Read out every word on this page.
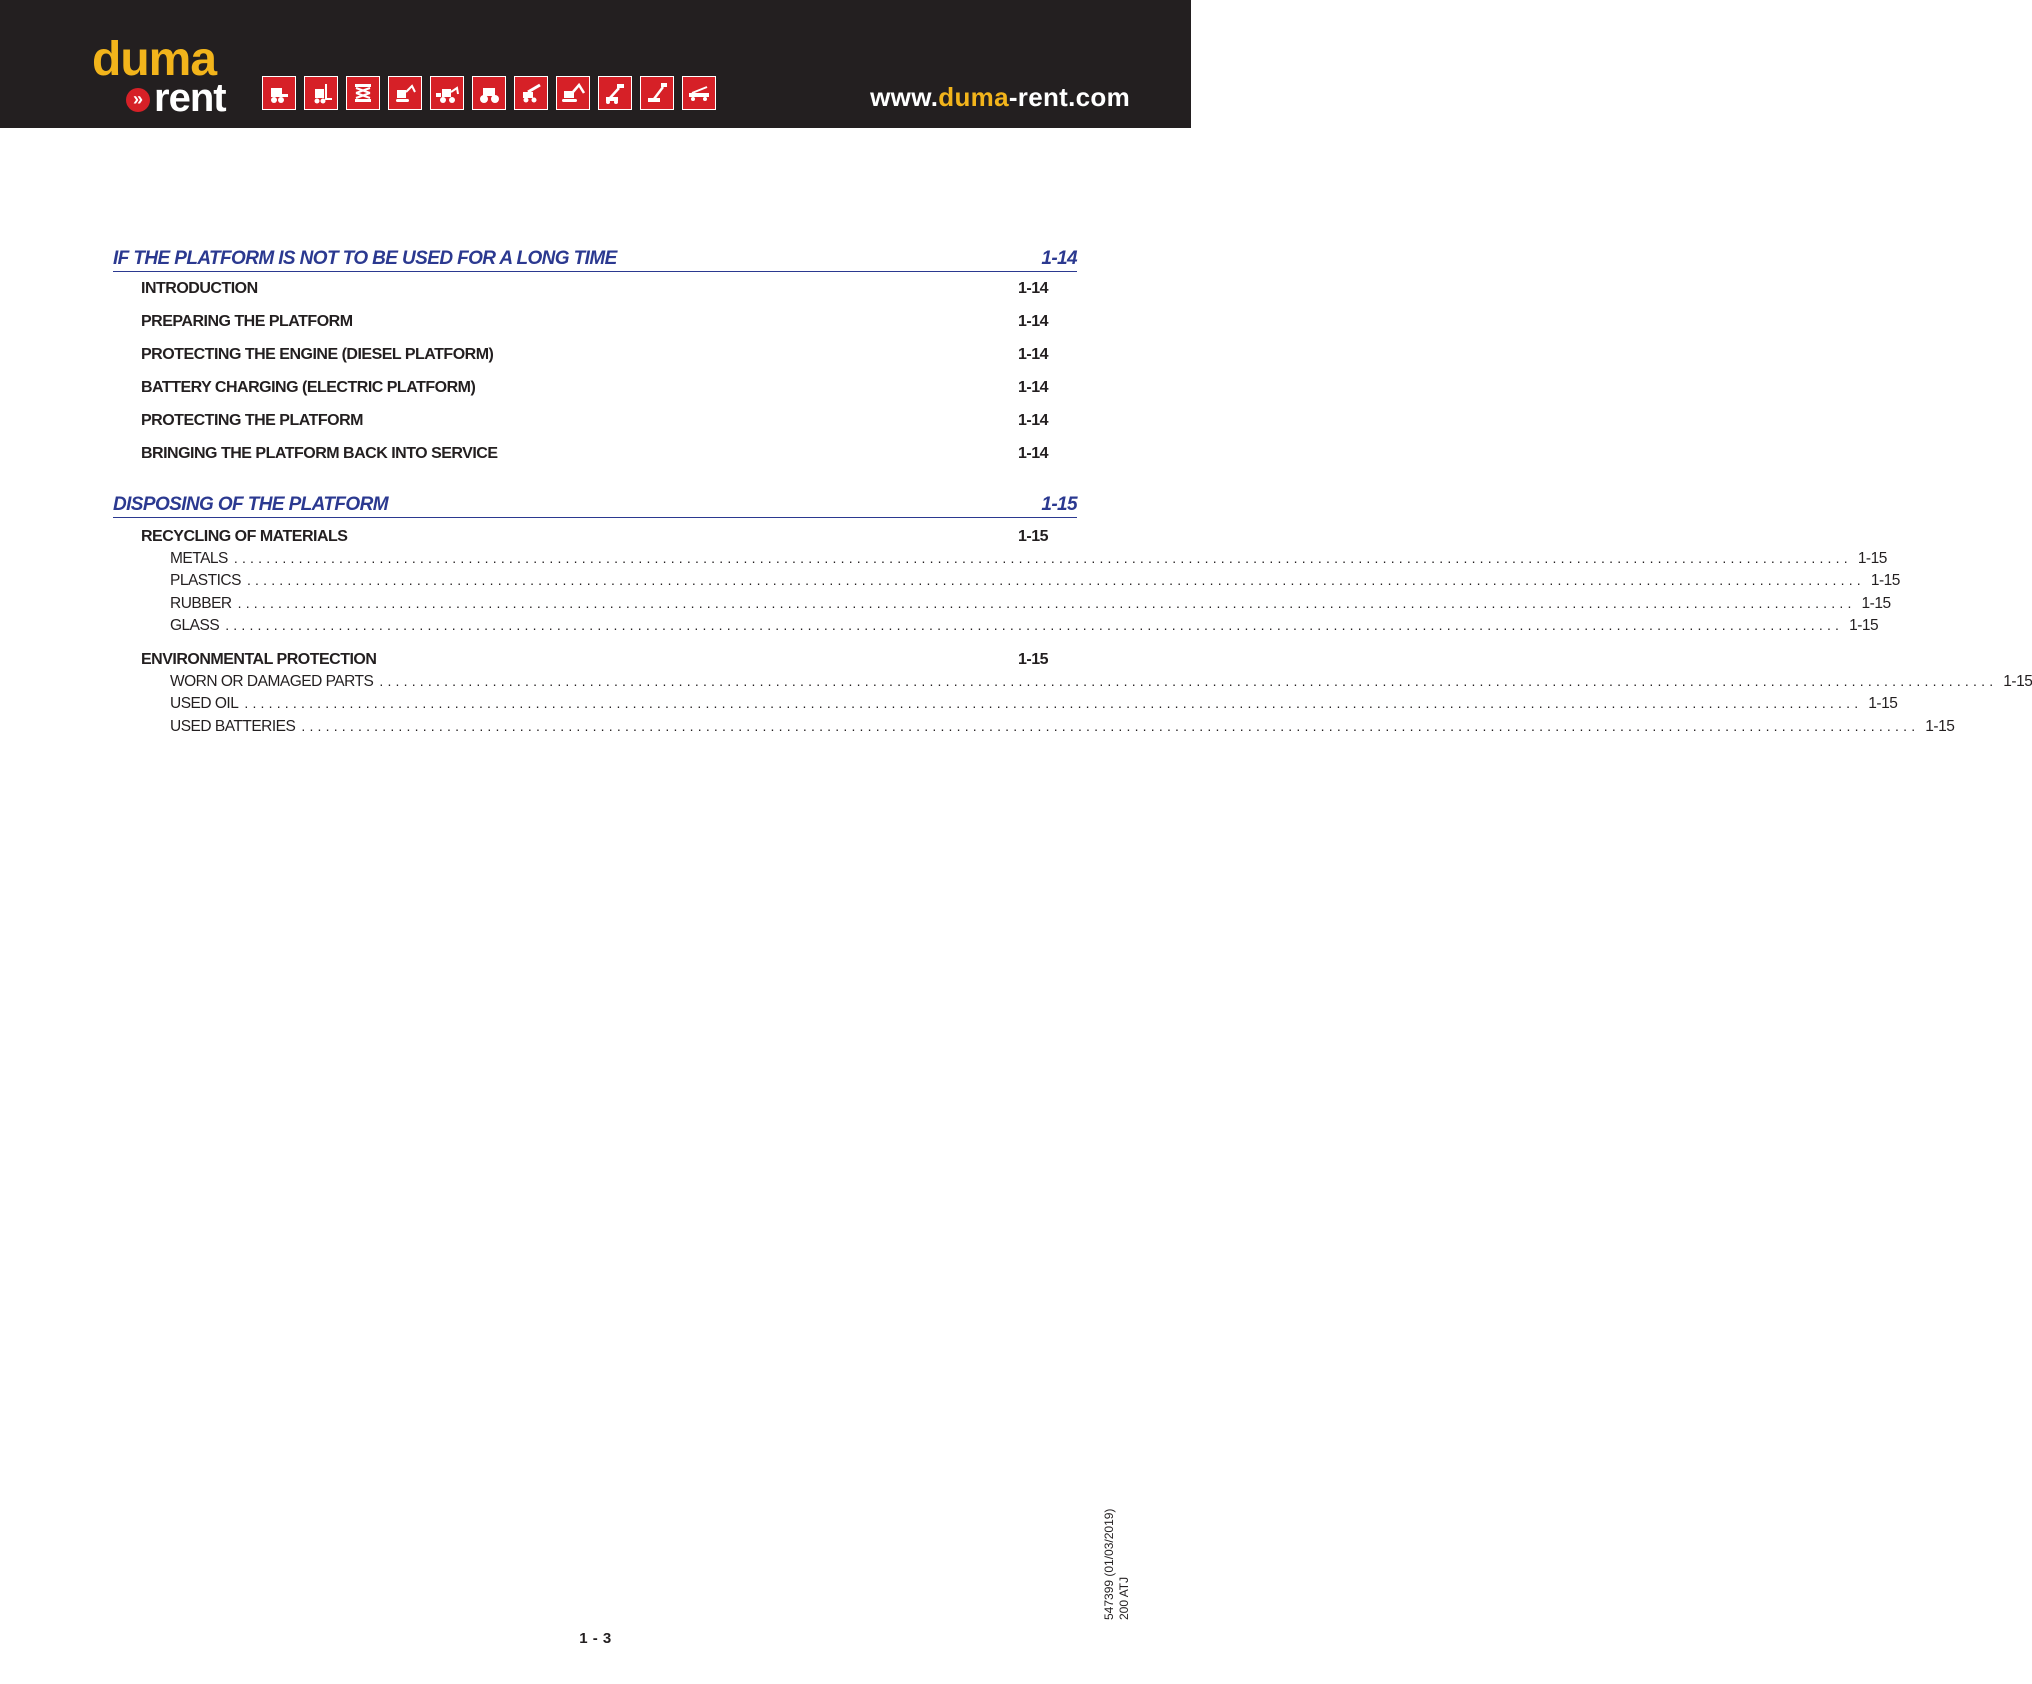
duma
» rent	www.duma-rent.com
IF THE PLATFORM IS NOT TO BE USED FOR A LONG TIME	1-14
INTRODUCTION	1-14
PREPARING THE PLATFORM	1-14
PROTECTING THE ENGINE (DIESEL PLATFORM)	1-14
BATTERY CHARGING (ELECTRIC PLATFORM)	1-14
PROTECTING THE PLATFORM	1-14
BRINGING THE PLATFORM BACK INTO SERVICE	1-14
DISPOSING OF THE PLATFORM	1-15
RECYCLING OF MATERIALS	1-15
METALS ........................................................................................................................................................................................................ 1-15
PLASTICS ........................................................................................................................................................................................................ 1-15
RUBBER ........................................................................................................................................................................................................ 1-15
GLASS ........................................................................................................................................................................................................ 1-15
ENVIRONMENTAL PROTECTION	1-15
WORN OR DAMAGED PARTS ........................................................................................................................................................................................................ 1-15
USED OIL ........................................................................................................................................................................................................ 1-15
USED BATTERIES ........................................................................................................................................................................................................ 1-15
1 - 3
547399 (01/03/2019) 200 ATJ
